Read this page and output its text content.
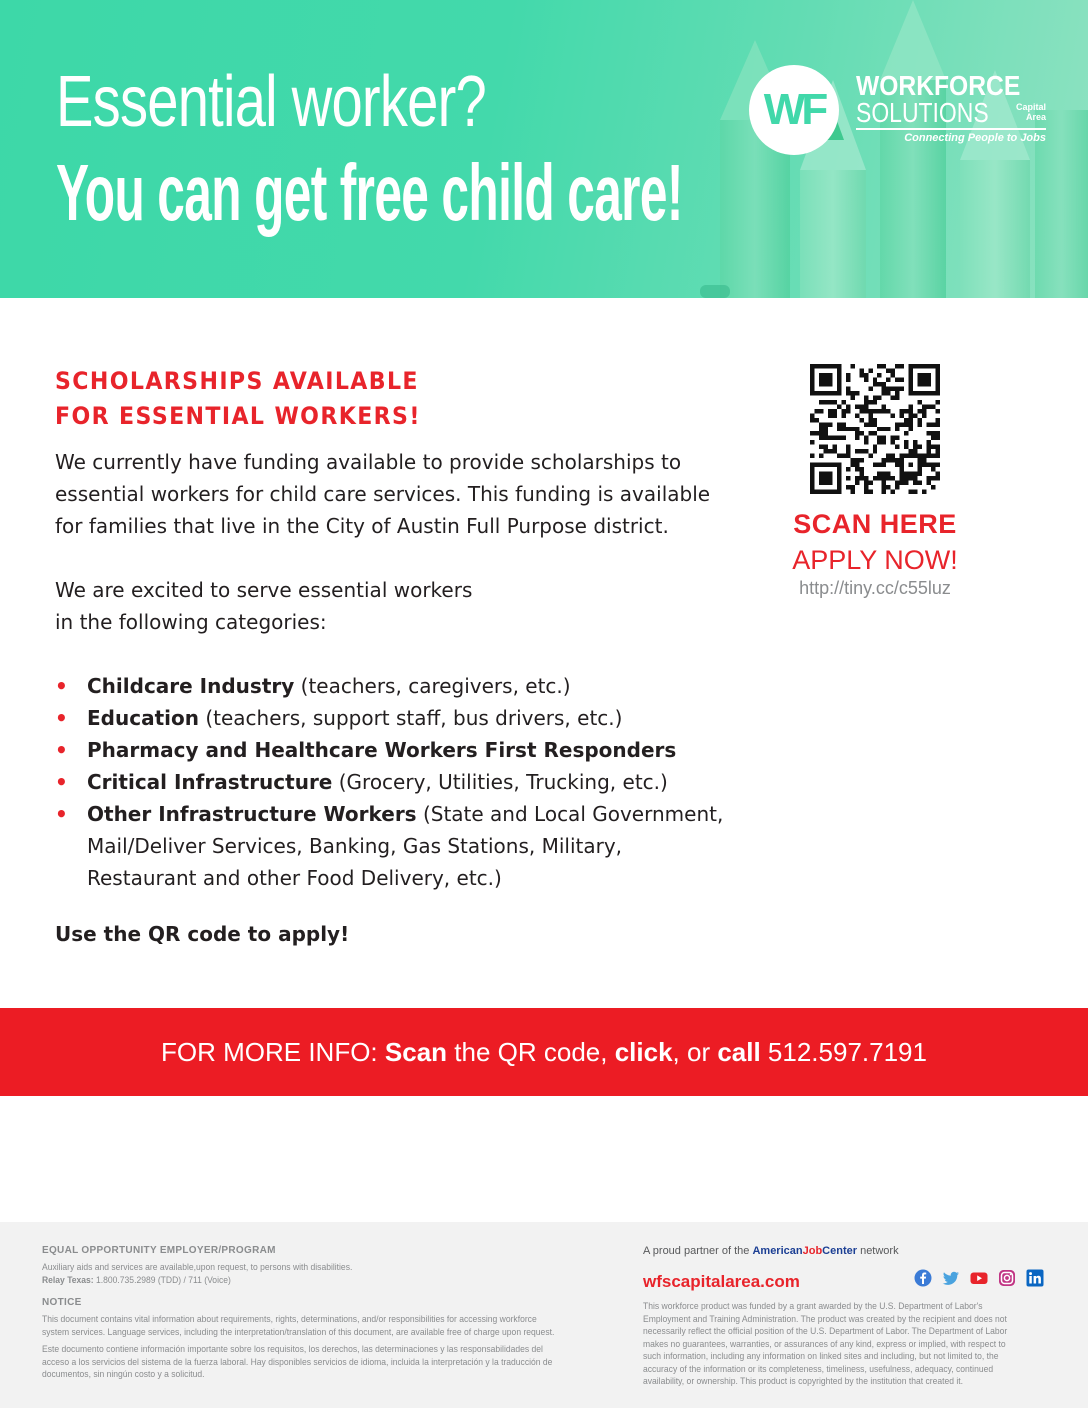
Essential worker?
You can get free child care!
WF WORKFORCE
SOLUTIONS	Capital
Area
Connecting People to Jobs
SCHOLARSHIPS AVAILABLE
FOR ESSENTIAL WORKERS!
We currently have funding available to provide scholarships to
essential workers for child care services. This funding is available
for families that live in the City of Austin Full Purpose district.
We are excited to serve essential workers
in the following categories:
• Childcare Industry (teachers, caregivers, etc.)
• Education (teachers, support staff, bus drivers, etc.)
• Pharmacy and Healthcare Workers First Responders
• Critical Infrastructure (Grocery, Utilities, Trucking, etc.)
• Other Infrastructure Workers (State and Local Government,
Mail/Deliver Services, Banking, Gas Stations, Military,
Restaurant and other Food Delivery, etc.)
Use the QR code to apply!
SCAN HERE
APPLY NOW!
http://tiny.cc/c55luz
FOR MORE INFO: Scan the QR code, click, or call 512.597.7191
EQUAL OPPORTUNITY EMPLOYER/PROGRAM
Auxiliary aids and services are available,upon request, to persons with disabilities.
Relay Texas: 1.800.735.2989 (TDD) / 711 (Voice)
NOTICE
This document contains vital information about requirements, rights, determinations, and/or responsibilities for accessing workforce
system services. Language services, including the interpretation/translation of this document, are available free of charge upon request.
Este documento contiene información importante sobre los requisitos, los derechos, las determinaciones y las responsabilidades del
acceso a los servicios del sistema de la fuerza laboral. Hay disponibles servicios de idioma, incluida la interpretación y la traducción de
documentos, sin ningún costo y a solicitud.
A proud partner of the AmericanJobCenter network
wfscapitalarea.com
This workforce product was funded by a grant awarded by the U.S. Department of Labor's
Employment and Training Administration. The product was created by the recipient and does not
necessarily reflect the official position of the U.S. Department of Labor. The Department of Labor
makes no guarantees, warranties, or assurances of any kind, express or implied, with respect to
such information, including any information on linked sites and including, but not limited to, the
accuracy of the information or its completeness, timeliness, usefulness, adequacy, continued
availability, or ownership. This product is copyrighted by the institution that created it.
